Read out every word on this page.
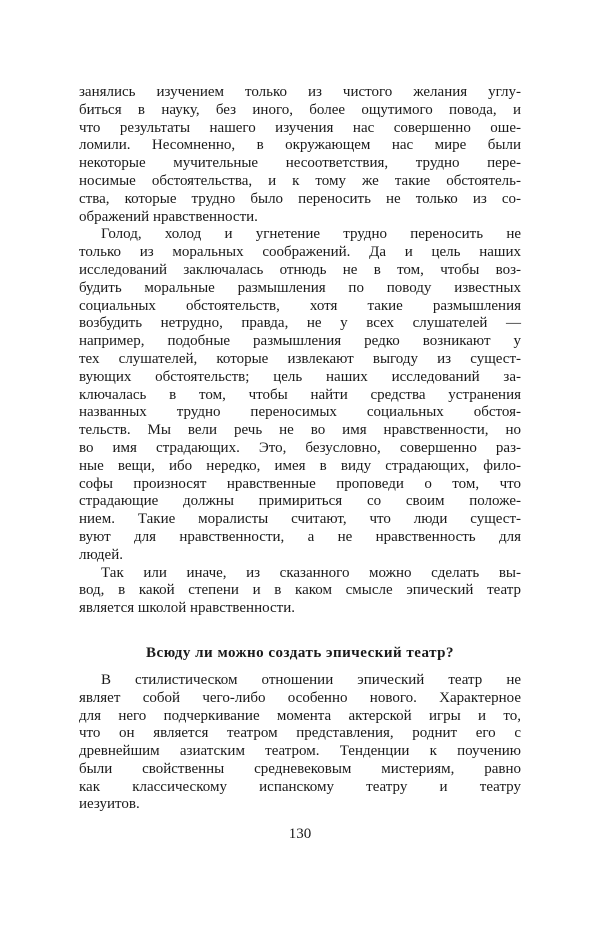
занялись изучением только из чистого желания углу-
биться в науку, без иного, более ощутимого повода, и
что результаты нашего изучения нас совершенно оше-
ломили. Несомненно, в окружающем нас мире были
некоторые мучительные несоответствия, трудно пере-
носимые обстоятельства, и к тому же такие обстоятель-
ства, которые трудно было переносить не только из со-
ображений нравственности.
Голод, холод и угнетение трудно переносить не
только из моральных соображений. Да и цель наших
исследований заключалась отнюдь не в том, чтобы воз-
будить моральные размышления по поводу известных
социальных обстоятельств, хотя такие размышления
возбудить нетрудно, правда, не у всех слушателей —
например, подобные размышления редко возникают у
тех слушателей, которые извлекают выгоду из сущест-
вующих обстоятельств; цель наших исследований за-
ключалась в том, чтобы найти средства устранения
названных трудно переносимых социальных обстоя-
тельств. Мы вели речь не во имя нравственности, но
во имя страдающих. Это, безусловно, совершенно раз-
ные вещи, ибо нередко, имея в виду страдающих, фило-
софы произносят нравственные проповеди о том, что
страдающие должны примириться со своим положе-
нием. Такие моралисты считают, что люди сущест-
вуют для нравственности, а не нравственность для
людей.
Так или иначе, из сказанного можно сделать вы-
вод, в какой степени и в каком смысле эпический театр
является школой нравственности.
Всюду ли можно создать эпический театр?
В стилистическом отношении эпический театр не
являет собой чего-либо особенно нового. Характерное
для него подчеркивание момента актерской игры и то,
что он является театром представления, роднит его с
древнейшим азиатским театром. Тенденции к поучению
были свойственны средневековым мистериям, равно
как классическому испанскому театру и театру
иезуитов.
130
